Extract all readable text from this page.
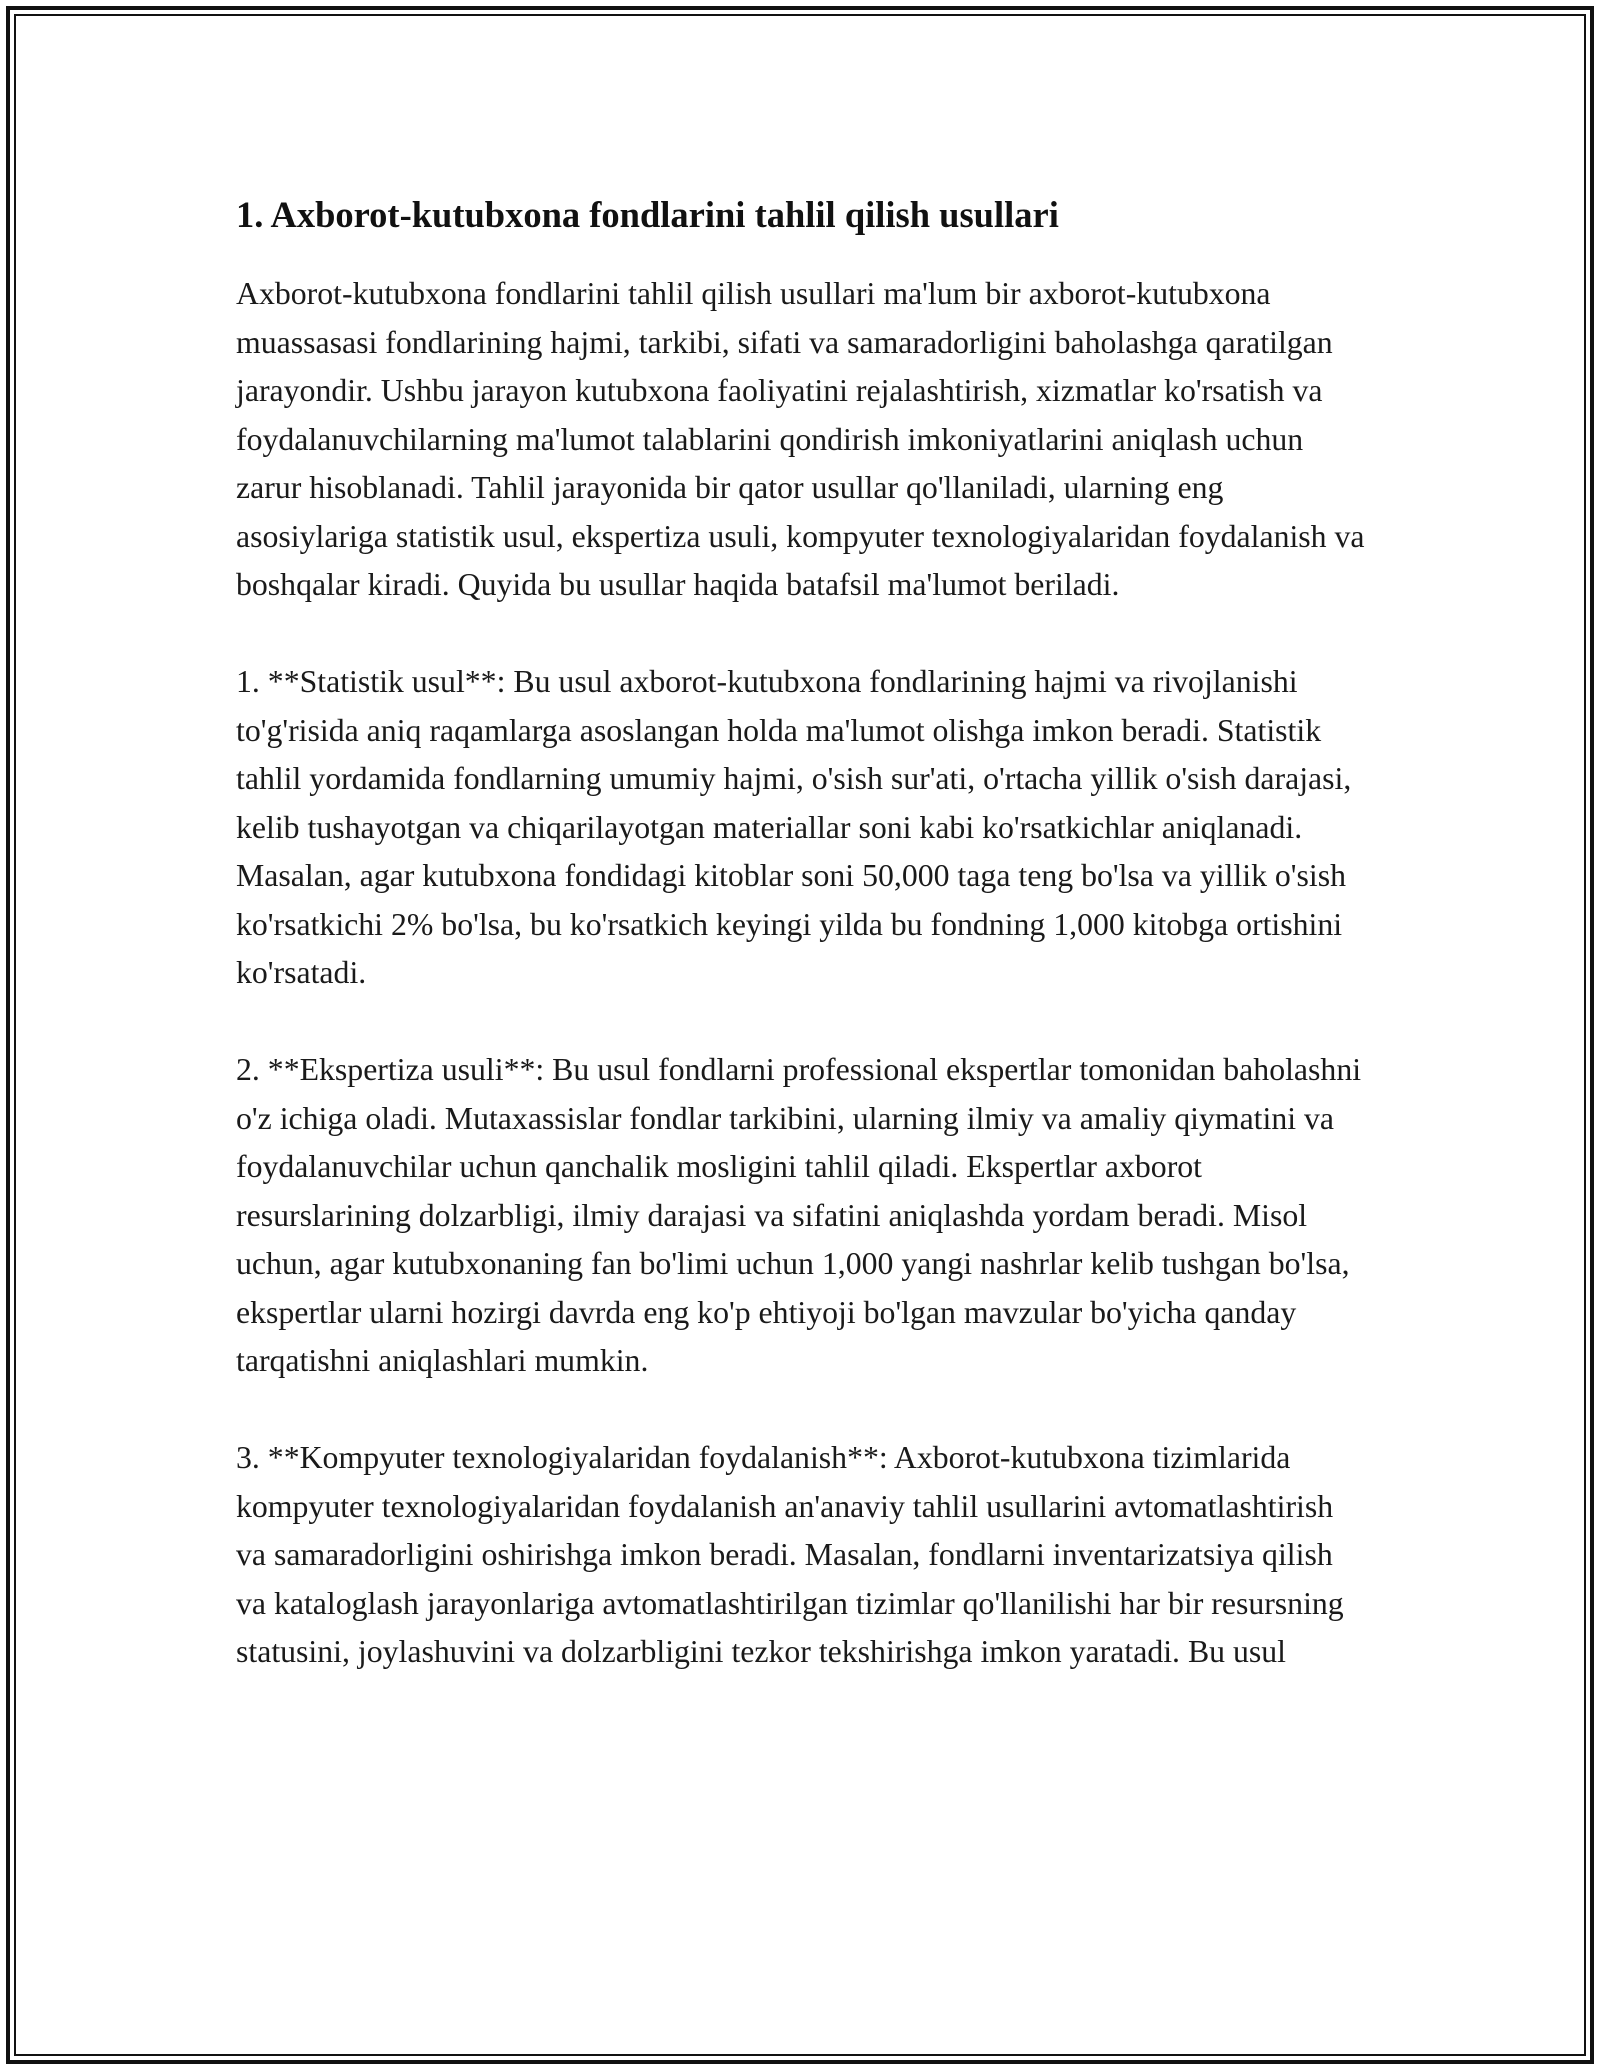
1. Axborot-kutubxona fondlarini tahlil qilish usullari

Axborot-kutubxona fondlarini tahlil qilish usullari ma'lum bir axborot-kutubxona muassasasi fondlarining hajmi, tarkibi, sifati va samaradorligini baholashga qaratilgan jarayondir. Ushbu jarayon kutubxona faoliyatini rejalashtirish, xizmatlar ko'rsatish va foydalanuvchilarning ma'lumot talablarini qondirish imkoniyatlarini aniqlash uchun zarur hisoblanadi. Tahlil jarayonida bir qator usullar qo'llaniladi, ularning eng asosiylariga statistik usul, ekspertiza usuli, kompyuter texnologiyalaridan foydalanish va boshqalar kiradi. Quyida bu usullar haqida batafsil ma'lumot beriladi.

1. **Statistik usul**: Bu usul axborot-kutubxona fondlarining hajmi va rivojlanishi to'g'risida aniq raqamlarga asoslangan holda ma'lumot olishga imkon beradi. Statistik tahlil yordamida fondlarning umumiy hajmi, o'sish sur'ati, o'rtacha yillik o'sish darajasi, kelib tushayotgan va chiqarilayotgan materiallar soni kabi ko'rsatkichlar aniqlanadi. Masalan, agar kutubxona fondidagi kitoblar soni 50,000 taga teng bo'lsa va yillik o'sish ko'rsatkichi 2% bo'lsa, bu ko'rsatkich keyingi yilda bu fondning 1,000 kitobga ortishini ko'rsatadi.

2. **Ekspertiza usuli**: Bu usul fondlarni professional ekspertlar tomonidan baholashni o'z ichiga oladi. Mutaxassislar fondlar tarkibini, ularning ilmiy va amaliy qiymatini va foydalanuvchilar uchun qanchalik mosligini tahlil qiladi. Ekspertlar axborot resurslarining dolzarbligi, ilmiy darajasi va sifatini aniqlashda yordam beradi. Misol uchun, agar kutubxonaning fan bo'limi uchun 1,000 yangi nashrlar kelib tushgan bo'lsa, ekspertlar ularni hozirgi davrda eng ko'p ehtiyoji bo'lgan mavzular bo'yicha qanday tarqatishni aniqlashlari mumkin.

3. **Kompyuter texnologiyalaridan foydalanish**: Axborot-kutubxona tizimlarida kompyuter texnologiyalaridan foydalanish an'anaviy tahlil usullarini avtomatlashtirish va samaradorligini oshirishga imkon beradi. Masalan, fondlarni inventarizatsiya qilish va kataloglash jarayonlariga avtomatlashtirilgan tizimlar qo'llanilishi har bir resursning statusini, joylashuvini va dolzarbligini tezkor tekshirishga imkon yaratadi. Bu usul
